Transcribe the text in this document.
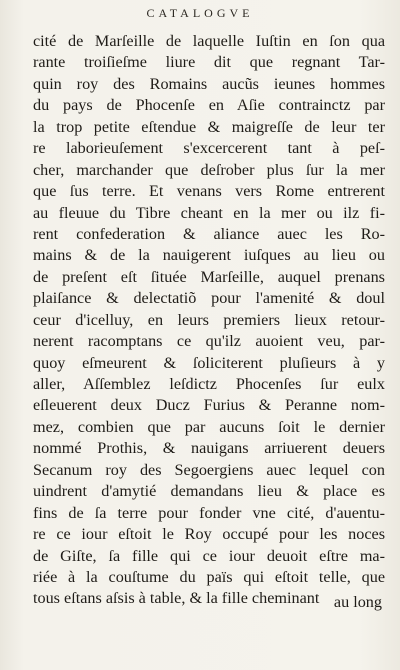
CATALOGVE
cité de Marſeille de laquelle Iuſtin en ſon qua
rante troiſieſme liure dit que regnant Tar-
quin roy des Romains aucũs ieunes hommes
du pays de Phocenſe en Aſie contrainctz par
la trop petite eſtendue & maigreſſe de leur ter
re laborieuſement s'excercerent tant à peſ-
cher, marchander que deſrober plus ſur la mer
que ſus terre. Et venans vers Rome entrerent
au fleuue du Tibre cheant en la mer ou ilz fi-
rent confederation & aliance auec les Ro-
mains & de la nauigerent iuſques au lieu ou
de preſent eſt ſituée Marſeille, auquel prenans
plaiſance & delectatiõ pour l'amenité & doul
ceur d'icelluy, en leurs premiers lieux retour-
nerent racomptans ce qu'ilz auoient veu, par-
quoy eſmeurent & ſoliciterent pluſieurs à y
aller, Aſſemblez leſdictz Phocenſes ſur eulx
eſleuerent deux Ducz Furius & Peranne nom-
mez, combien que par aucuns ſoit le dernier
nommé Prothis, & nauigans arriuerent deuers
Secanum roy des Segoergiens auec lequel con
uindrent d'amytié demandans lieu & place es
fins de ſa terre pour fonder vne cité, d'auentu-
re ce iour eſtoit le Roy occupé pour les noces
de Giſte, ſa fille qui ce iour deuoit eſtre ma-
riée à la couſtume du païs qui eſtoit telle, que
tous eſtans aſsis à table, & la fille cheminant au long
